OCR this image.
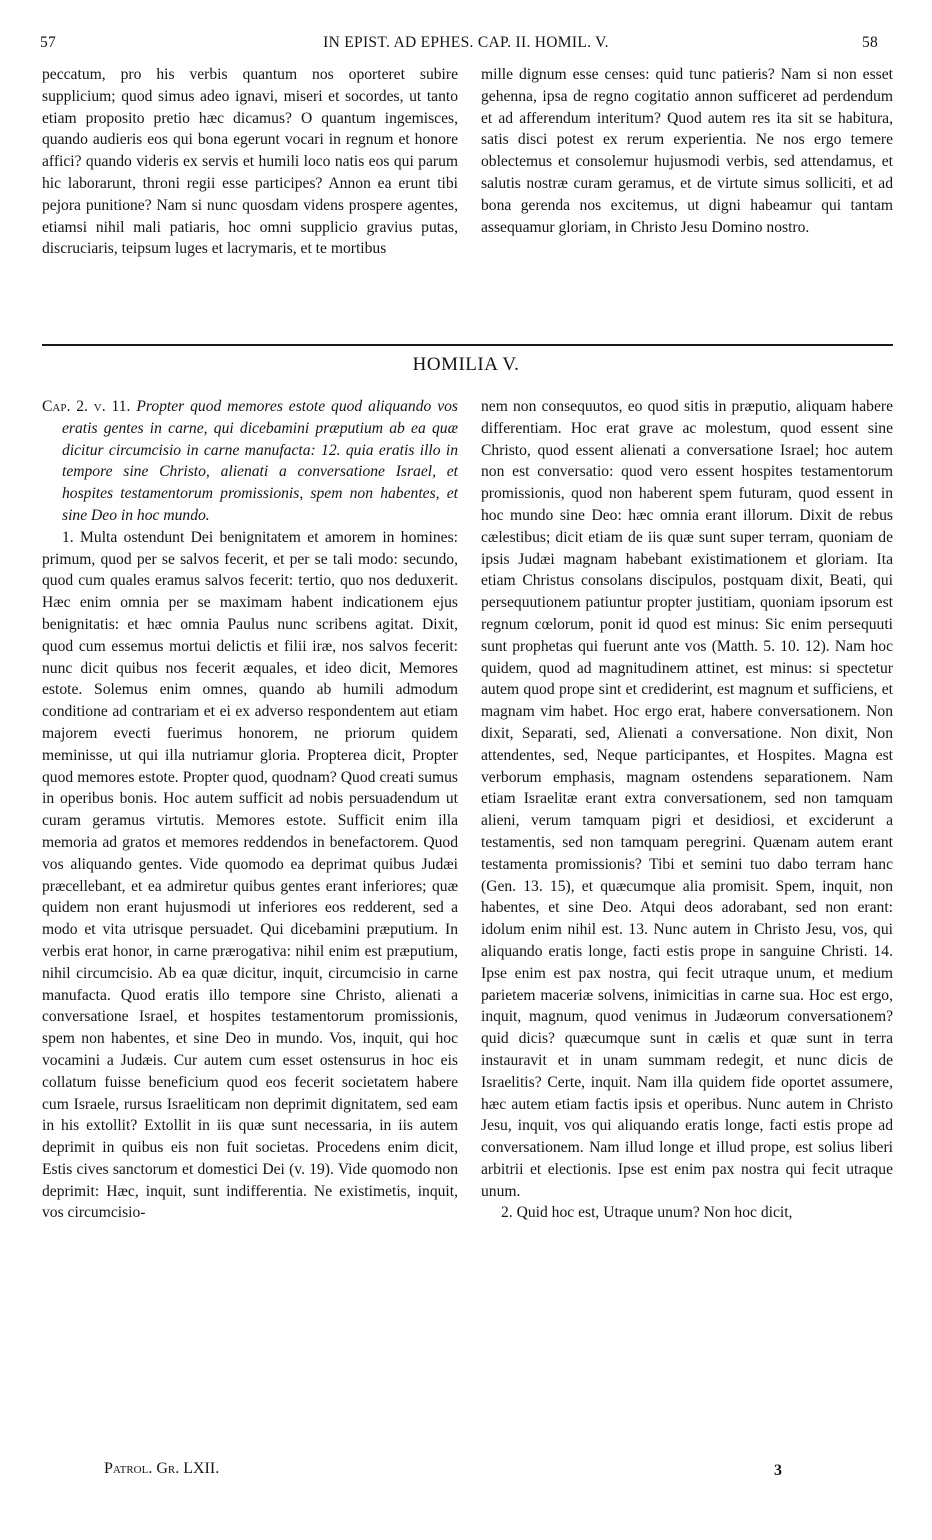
57	IN EPIST. AD EPHES. CAP. II. HOMIL. V.	58

peccatum, pro his verbis quantum nos oporteret subire supplicium; quod simus adeo ignavi, miseri et socordes, ut tanto etiam proposito pretio hæc dicamus? O quantum ingemisces, quando audieris eos qui bona egerunt vocari in regnum et honore affici? quando videris ex servis et humili loco natis eos qui parum hic laborarunt, throni regii esse participes? Annon ea erunt tibi pejora punitione? Nam si nunc quosdam videns prospere agentes, etiamsi nihil mali patiaris, hoc omni supplicio gravius putas, discruciaris, teipsum luges et lacrymaris, et te mortibus

mille dignum esse censes: quid tunc patieris? Nam si non esset gehenna, ipsa de regno cogitatio annon sufficeret ad perdendum et ad afferendum interitum? Quod autem res ita sit se habitura, satis disci potest ex rerum experientia. Ne nos ergo temere oblectemus et consolemur hujusmodi verbis, sed attendamus, et salutis nostræ curam geramus, et de virtute simus solliciti, et ad bona gerenda nos excitemus, ut digni habeamur qui tantam assequamur gloriam, in Christo Jesu Domino nostro.

HOMILIA V.

Cap. 2. v. 11. Propter quod memores estote quod aliquando vos eratis gentes in carne, qui dicebamini præputium ab ea quæ dicitur circumcisio in carne manufacta: 12. quia eratis illo in tempore sine Christo, alienati a conversatione Israel, et hospites testamentorum promissionis, spem non habentes, et sine Deo in hoc mundo.

1. Multa ostendunt Dei benignitatem et amorem in homines: primum, quod per se salvos fecerit, et per se tali modo: secundo, quod cum quales eramus salvos fecerit: tertio, quo nos deduxerit. Hæc enim omnia per se maximam habent indicationem ejus benignitatis: et hæc omnia Paulus nunc scribens agitat. Dixit, quod cum essemus mortui delictis et filii iræ, nos salvos fecerit: nunc dicit quibus nos fecerit æquales, et ideo dicit, Memores estote. Solemus enim omnes, quando ab humili admodum conditione ad contrariam et ei ex adverso respondentem aut etiam majorem evecti fuerimus honorem, ne priorum quidem meminisse, ut qui illa nutriamur gloria. Propterea dicit, Propter quod memores estote. Propter quod, quodnam? Quod creati sumus in operibus bonis. Hoc autem sufficit ad nobis persuadendum ut curam geramus virtutis. Memores estote. Sufficit enim illa memoria ad gratos et memores reddendos in benefactorem. Quod vos aliquando gentes. Vide quomodo ea deprimat quibus Judæi præcellebant, et ea admiretur quibus gentes erant inferiores; quæ quidem non erant hujusmodi ut inferiores eos redderent, sed a modo et vita utrisque persuadet. Qui dicebamini præputium. In verbis erat honor, in carne prærogativa: nihil enim est præputium, nihil circumcisio. Ab ea quæ dicitur, inquit, circumcisio in carne manufacta. Quod eratis illo tempore sine Christo, alienati a conversatione Israel, et hospites testamentorum promissionis, spem non habentes, et sine Deo in mundo. Vos, inquit, qui hoc vocamini a Judæis. Cur autem cum esset ostensurus in hoc eis collatum fuisse beneficium quod eos fecerit societatem habere cum Israele, rursus Israeliticam non deprimit dignitatem, sed eam in his extollit? Extollit in iis quæ sunt necessaria, in iis autem deprimit in quibus eis non fuit societas. Procedens enim dicit, Estis cives sanctorum et domestici Dei (v. 19). Vide quomodo non deprimit: Hæc, inquit, sunt indifferentia. Ne existimetis, inquit, vos circumcisio-

nem non consequutos, eo quod sitis in præputio, aliquam habere differentiam. Hoc erat grave ac molestum, quod essent sine Christo, quod essent alienati a conversatione Israel; hoc autem non est conversatio: quod vero essent hospites testamentorum promissionis, quod non haberent spem futuram, quod essent in hoc mundo sine Deo: hæc omnia erant illorum. Dixit de rebus cælestibus; dicit etiam de iis quæ sunt super terram, quoniam de ipsis Judæi magnam habebant existimationem et gloriam. Ita etiam Christus consolans discipulos, postquam dixit, Beati, qui persequutionem patiuntur propter justitiam, quoniam ipsorum est regnum cœlorum, ponit id quod est minus: Sic enim persequuti sunt prophetas qui fuerunt ante vos (Matth. 5. 10. 12). Nam hoc quidem, quod ad magnitudinem attinet, est minus: si spectetur autem quod prope sint et crediderint, est magnum et sufficiens, et magnam vim habet. Hoc ergo erat, habere conversationem. Non dixit, Separati, sed, Alienati a conversatione. Non dixit, Non attendentes, sed, Neque participantes, et Hospites. Magna est verborum emphasis, magnam ostendens separationem. Nam etiam Israelitæ erant extra conversationem, sed non tamquam alieni, verum tamquam pigri et desidiosi, et exciderunt a testamentis, sed non tamquam peregrini. Quænam autem erant testamenta promissionis? Tibi et semini tuo dabo terram hanc (Gen. 13. 15), et quæcumque alia promisit. Spem, inquit, non habentes, et sine Deo. Atqui deos adorabant, sed non erant: idolum enim nihil est. 13. Nunc autem in Christo Jesu, vos, qui aliquando eratis longe, facti estis prope in sanguine Christi. 14. Ipse enim est pax nostra, qui fecit utraque unum, et medium parietem maceriæ solvens, inimicitias in carne sua. Hoc est ergo, inquit, magnum, quod venimus in Judæorum conversationem? quid dicis? quæcumque sunt in cælis et quæ sunt in terra instauravit et in unam summam redegit, et nunc dicis de Israelitis? Certe, inquit. Nam illa quidem fide oportet assumere, hæc autem etiam factis ipsis et operibus. Nunc autem in Christo Jesu, inquit, vos qui aliquando eratis longe, facti estis prope ad conversationem. Nam illud longe et illud prope, est solius liberi arbitrii et electionis. Ipse est enim pax nostra qui fecit utraque unum.

2. Quid hoc est, Utraque unum? Non hoc dicit,

Patrol. Gr. LXII.	3
